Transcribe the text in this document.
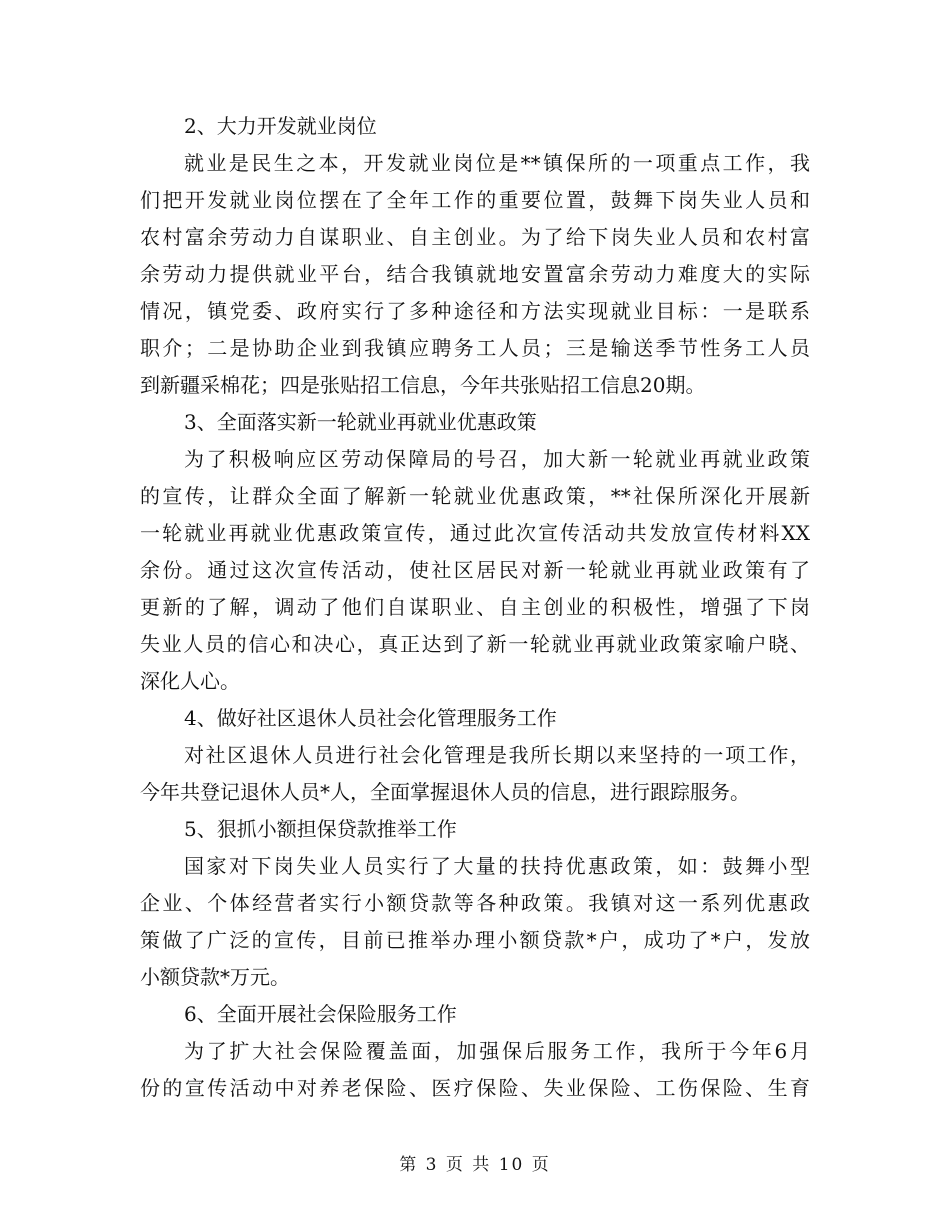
2、大力开发就业岗位
就业是民生之本，开发就业岗位是**镇保所的一项重点工作，我
们把开发就业岗位摆在了全年工作的重要位置，鼓舞下岗失业人员和
农村富余劳动力自谋职业、自主创业。为了给下岗失业人员和农村富
余劳动力提供就业平台，结合我镇就地安置富余劳动力难度大的实际
情况，镇党委、政府实行了多种途径和方法实现就业目标：一是联系
职介；二是协助企业到我镇应聘务工人员；三是输送季节性务工人员
到新疆采棉花；四是张贴招工信息，今年共张贴招工信息20期。
3、全面落实新一轮就业再就业优惠政策
为了积极响应区劳动保障局的号召，加大新一轮就业再就业政策
的宣传，让群众全面了解新一轮就业优惠政策，**社保所深化开展新
一轮就业再就业优惠政策宣传，通过此次宣传活动共发放宣传材料XX
余份。通过这次宣传活动，使社区居民对新一轮就业再就业政策有了
更新的了解，调动了他们自谋职业、自主创业的积极性，增强了下岗
失业人员的信心和决心，真正达到了新一轮就业再就业政策家喻户晓、
深化人心。
4、做好社区退休人员社会化管理服务工作
对社区退休人员进行社会化管理是我所长期以来坚持的一项工作，
今年共登记退休人员*人，全面掌握退休人员的信息，进行跟踪服务。
5、狠抓小额担保贷款推举工作
国家对下岗失业人员实行了大量的扶持优惠政策，如：鼓舞小型
企业、个体经营者实行小额贷款等各种政策。我镇对这一系列优惠政
策做了广泛的宣传，目前已推举办理小额贷款*户，成功了*户，发放
小额贷款*万元。
6、全面开展社会保险服务工作
为了扩大社会保险覆盖面，加强保后服务工作，我所于今年6月
份的宣传活动中对养老保险、医疗保险、失业保险、工伤保险、生育
第 3 页 共 10 页
